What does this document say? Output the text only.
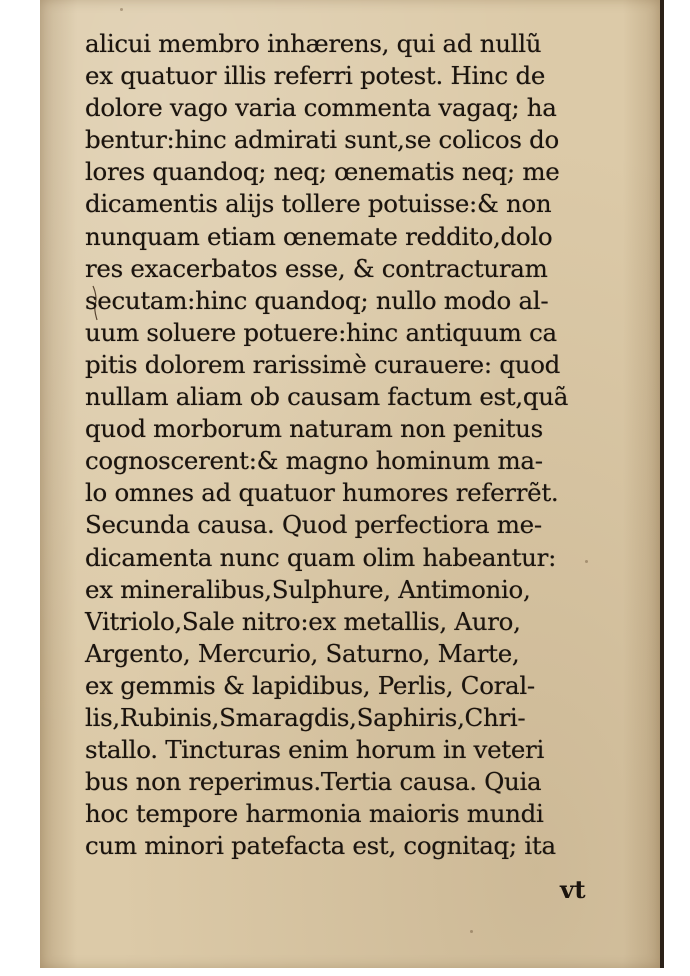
alicui membro inhærens, qui ad nullũ
ex quatuor illis referri potest. Hinc de
dolore vago varia commenta vagaq; ha
bentur:hinc admirati sunt,se colicos do
lores quandoq; neq; œnematis neq; me
dicamentis alijs tollere potuisse:& non
nunquam etiam œnemate reddito,dolo
res exacerbatos esse, & contracturam
secutam:hinc quandoq; nullo modo al-
uum soluere potuere:hinc antiquum ca
pitis dolorem rarissimè curauere: quod
nullam aliam ob causam factum est,quã
quod morborum naturam non penitus
cognoscerent:& magno hominum ma-
lo omnes ad quatuor humores referrẽt.
Secunda causa. Quod perfectiora me-
dicamenta nunc quam olim habeantur:
ex mineralibus,Sulphure, Antimonio,
Vitriolo,Sale nitro:ex metallis, Auro,
Argento, Mercurio, Saturno, Marte,
ex gemmis & lapidibus, Perlis, Coral-
lis,Rubinis,Smaragdis,Saphiris,Chri-
stallo. Tincturas enim horum in veteri
bus non reperimus.Tertia causa. Quia
hoc tempore harmonia maioris mundi
cum minori patefacta est, cognitaq; ita
vt
